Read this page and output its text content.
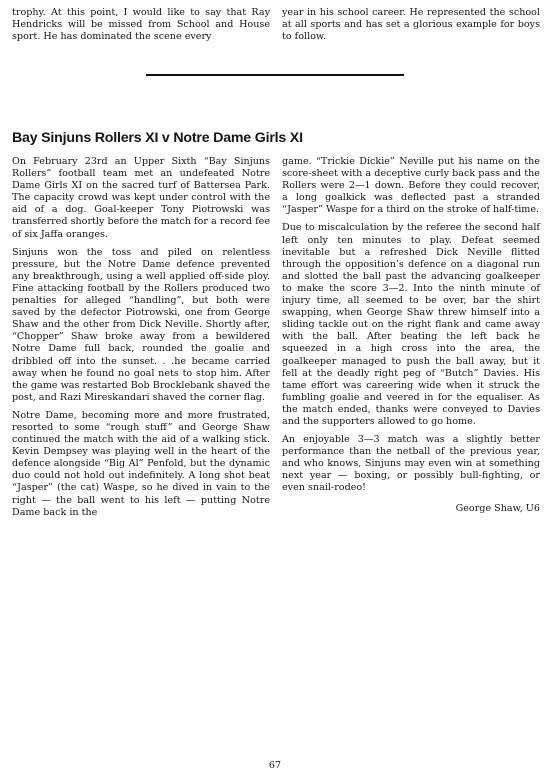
trophy. At this point, I would like to say that Ray Hendricks will be missed from School and House sport. He has dominated the scene every

year in his school career. He represented the school at all sports and has set a glorious example for boys to follow.

Bay Sinjuns Rollers XI v Notre Dame Girls XI

On February 23rd an Upper Sixth “Bay Sinjuns Rollers” football team met an undefeated Notre Dame Girls XI on the sacred turf of Battersea Park. The capacity crowd was kept under control with the aid of a dog. Goal-keeper Tony Piotrowski was transferred shortly before the match for a record fee of six Jaffa oranges.

Sinjuns won the toss and piled on relentless pressure, but the Notre Dame defence prevented any breakthrough, using a well applied off-side ploy. Fine attacking football by the Rollers produced two penalties for alleged “handling”, but both were saved by the defector Piotrowski, one from George Shaw and the other from Dick Neville. Shortly after, “Chopper” Shaw broke away from a bewildered Notre Dame full back, rounded the goalie and dribbled off into the sunset. . .he became carried away when he found no goal nets to stop him. After the game was restarted Bob Brocklebank shaved the post, and Razi Mireskandari shaved the corner flag.

Notre Dame, becoming more and more frustrated, resorted to some “rough stuff” and George Shaw continued the match with the aid of a walking stick. Kevin Dempsey was playing well in the heart of the defence alongside “Big Al” Penfold, but the dynamic duo could not hold out indefinitely. A long shot beat “Jasper” (the cat) Waspe, so he dived in vain to the right — the ball went to his left — putting Notre Dame back in the

game. “Trickie Dickie” Neville put his name on the score-sheet with a deceptive curly back pass and the Rollers were 2—1 down. Before they could recover, a long goalkick was deflected past a stranded “Jasper” Waspe for a third on the stroke of half-time.

Due to miscalculation by the referee the second half left only ten minutes to play. Defeat seemed inevitable but a refreshed Dick Neville flitted through the opposition’s defence on a diagonal run and slotted the ball past the advancing goalkeeper to make the score 3—2. Into the ninth minute of injury time, all seemed to be over, bar the shirt swapping, when George Shaw threw himself into a sliding tackle out on the right flank and came away with the ball. After beating the left back he squeezed in a high cross into the area, the goalkeeper managed to push the ball away, but it fell at the deadly right peg of “Butch” Davies. His tame effort was careering wide when it struck the fumbling goalie and veered in for the equaliser. As the match ended, thanks were conveyed to Davies and the supporters allowed to go home.

An enjoyable 3—3 match was a slightly better performance than the netball of the previous year, and who knows, Sinjuns may even win at something next year — boxing, or possibly bull-fighting, or even snail-rodeo!

George Shaw, U6

67
